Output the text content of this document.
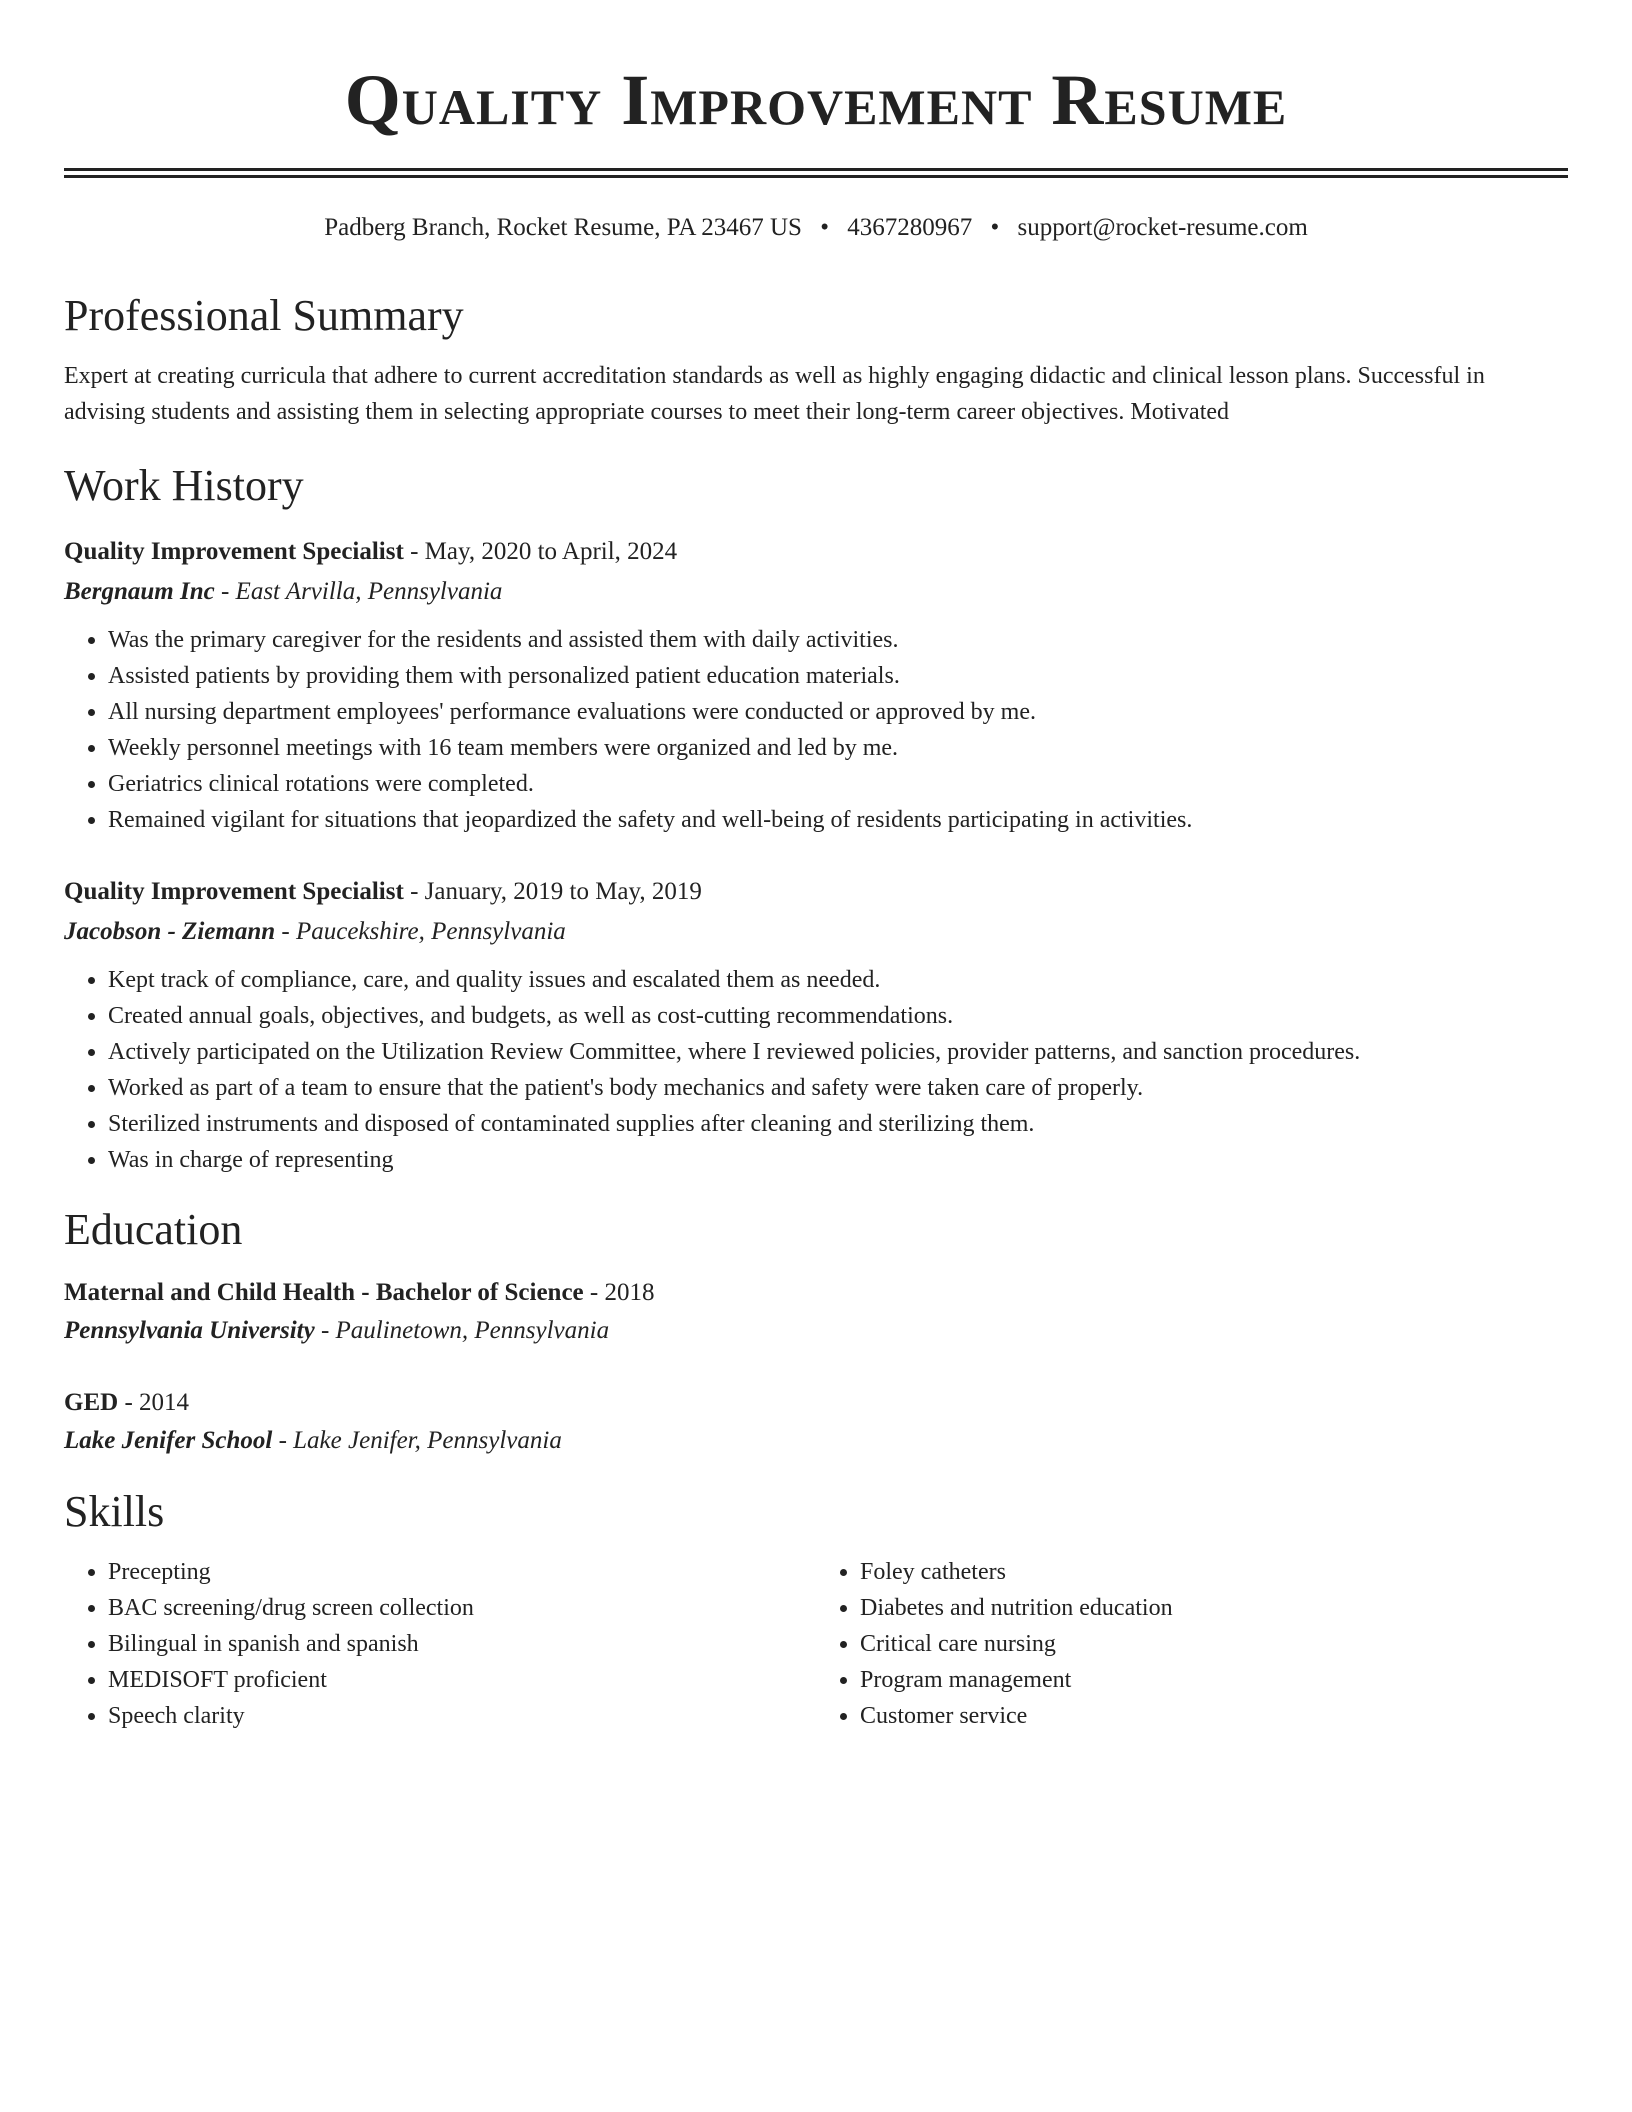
Quality Improvement Resume
Padberg Branch, Rocket Resume, PA 23467 US • 4367280967 • support@rocket-resume.com
Professional Summary

Expert at creating curricula that adhere to current accreditation standards as well as highly engaging didactic and clinical lesson plans. Successful in advising students and assisting them in selecting appropriate courses to meet their long-term career objectives. Motivated

Work History
Quality Improvement Specialist - May, 2020 to April, 2024
Bergnaum Inc - East Arvilla, Pennsylvania
• Was the primary caregiver for the residents and assisted them with daily activities.
• Assisted patients by providing them with personalized patient education materials.
• All nursing department employees' performance evaluations were conducted or approved by me.
• Weekly personnel meetings with 16 team members were organized and led by me.
• Geriatrics clinical rotations were completed.
• Remained vigilant for situations that jeopardized the safety and well-being of residents participating in activities.
Quality Improvement Specialist - January, 2019 to May, 2019
Jacobson - Ziemann - Paucekshire, Pennsylvania
• Kept track of compliance, care, and quality issues and escalated them as needed.
• Created annual goals, objectives, and budgets, as well as cost-cutting recommendations.
• Actively participated on the Utilization Review Committee, where I reviewed policies, provider patterns, and sanction procedures.
• Worked as part of a team to ensure that the patient's body mechanics and safety were taken care of properly.
• Sterilized instruments and disposed of contaminated supplies after cleaning and sterilizing them.
• Was in charge of representing
Education
Maternal and Child Health - Bachelor of Science - 2018
Pennsylvania University - Paulinetown, Pennsylvania
GED - 2014
Lake Jenifer School - Lake Jenifer, Pennsylvania
Skills
• Precepting
• BAC screening/drug screen collection
• Bilingual in spanish and spanish
• MEDISOFT proficient
• Speech clarity
• Foley catheters
• Diabetes and nutrition education
• Critical care nursing
• Program management
• Customer service
